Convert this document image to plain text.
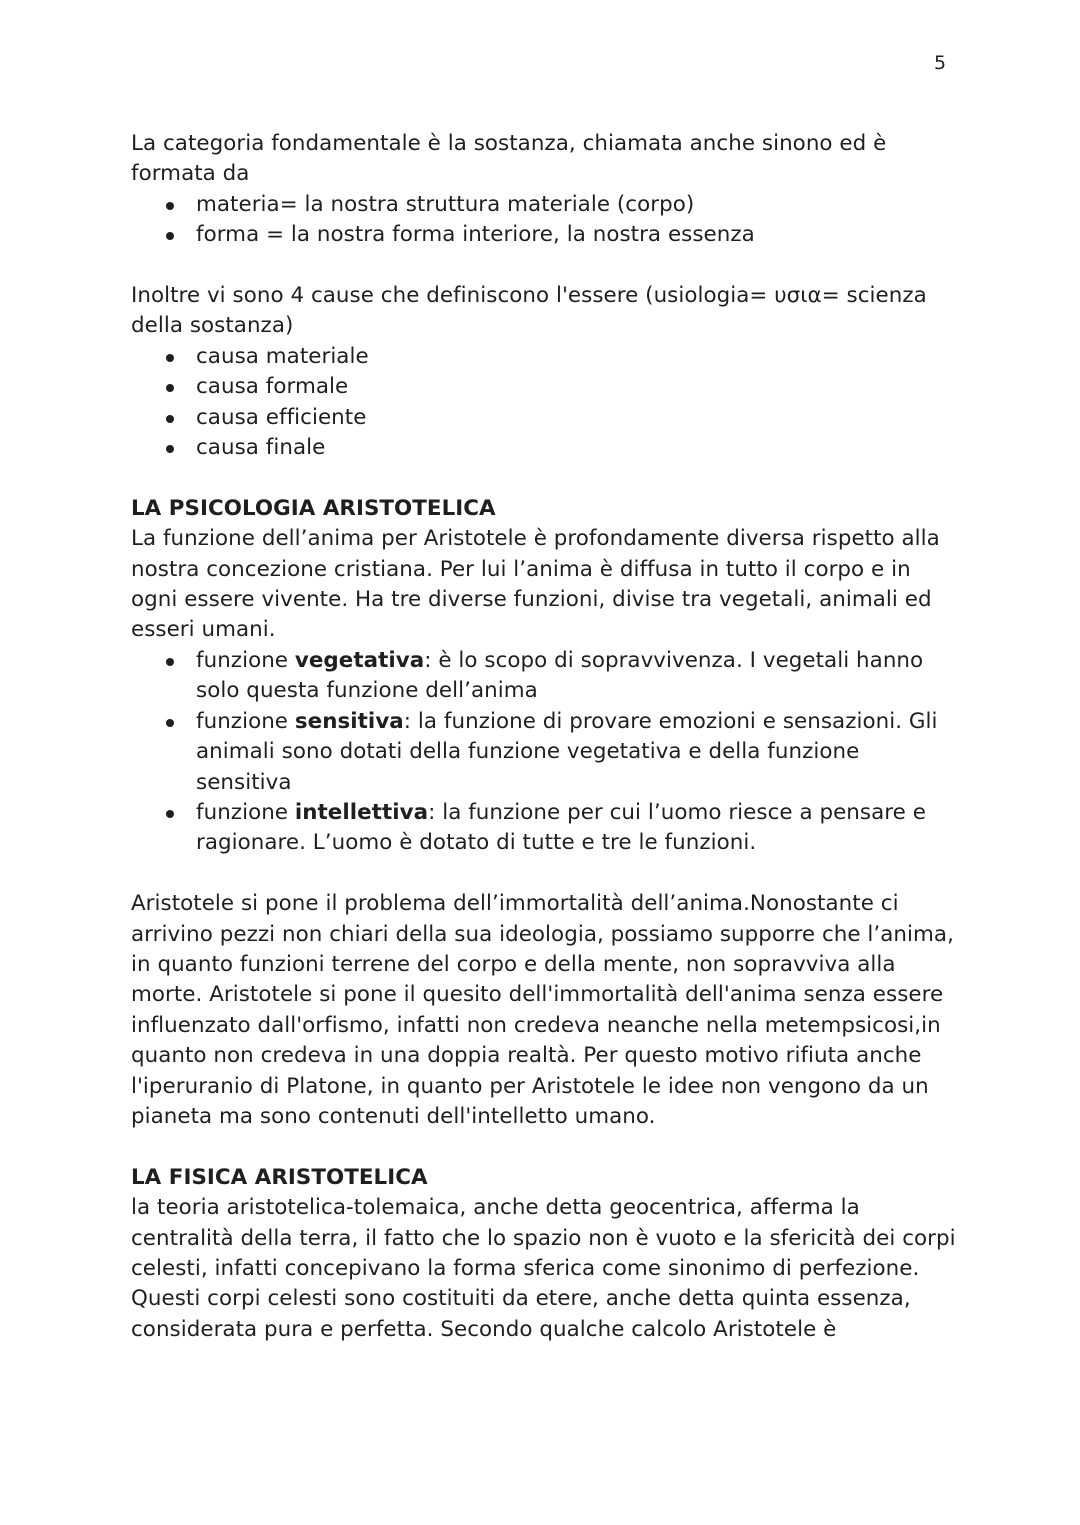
5

La categoria fondamentale è la sostanza, chiamata anche sinono ed è formata da

materia= la nostra struttura materiale (corpo)
forma = la nostra forma interiore, la nostra essenza

Inoltre vi sono 4 cause che definiscono l'essere (usiologia= υσια= scienza della sostanza)

causa materiale
causa formale
causa efficiente
causa finale
LA PSICOLOGIA ARISTOTELICA

La funzione dell’anima per Aristotele è profondamente diversa rispetto alla nostra concezione cristiana. Per lui l’anima è diffusa in tutto il corpo e in ogni essere vivente. Ha tre diverse funzioni, divise tra vegetali, animali ed esseri umani.

funzione vegetativa: è lo scopo di sopravvivenza. I vegetali hanno solo questa funzione dell’anima
funzione sensitiva: la funzione di provare emozioni e sensazioni. Gli animali sono dotati della funzione vegetativa e della funzione sensitiva
funzione intellettiva: la funzione per cui l’uomo riesce a pensare e ragionare. L’uomo è dotato di tutte e tre le funzioni.

Aristotele si pone il problema dell’immortalità dell’anima.Nonostante ci arrivino pezzi non chiari della sua ideologia, possiamo supporre che l’anima, in quanto funzioni terrene del corpo e della mente, non sopravviva alla morte. Aristotele si pone il quesito dell'immortalità dell'anima senza essere influenzato dall'orfismo, infatti non credeva neanche nella metempsicosi,in quanto non credeva in una doppia realtà. Per questo motivo rifiuta anche l'iperuranio di Platone, in quanto per Aristotele le idee non vengono da un pianeta ma sono contenuti dell'intelletto umano.

LA FISICA ARISTOTELICA

la teoria aristotelica-tolemaica, anche detta geocentrica, afferma la centralità della terra, il fatto che lo spazio non è vuoto e la sfericità dei corpi celesti, infatti concepivano la forma sferica come sinonimo di perfezione. Questi corpi celesti sono costituiti da etere, anche detta quinta essenza, considerata pura e perfetta. Secondo qualche calcolo Aristotele è
